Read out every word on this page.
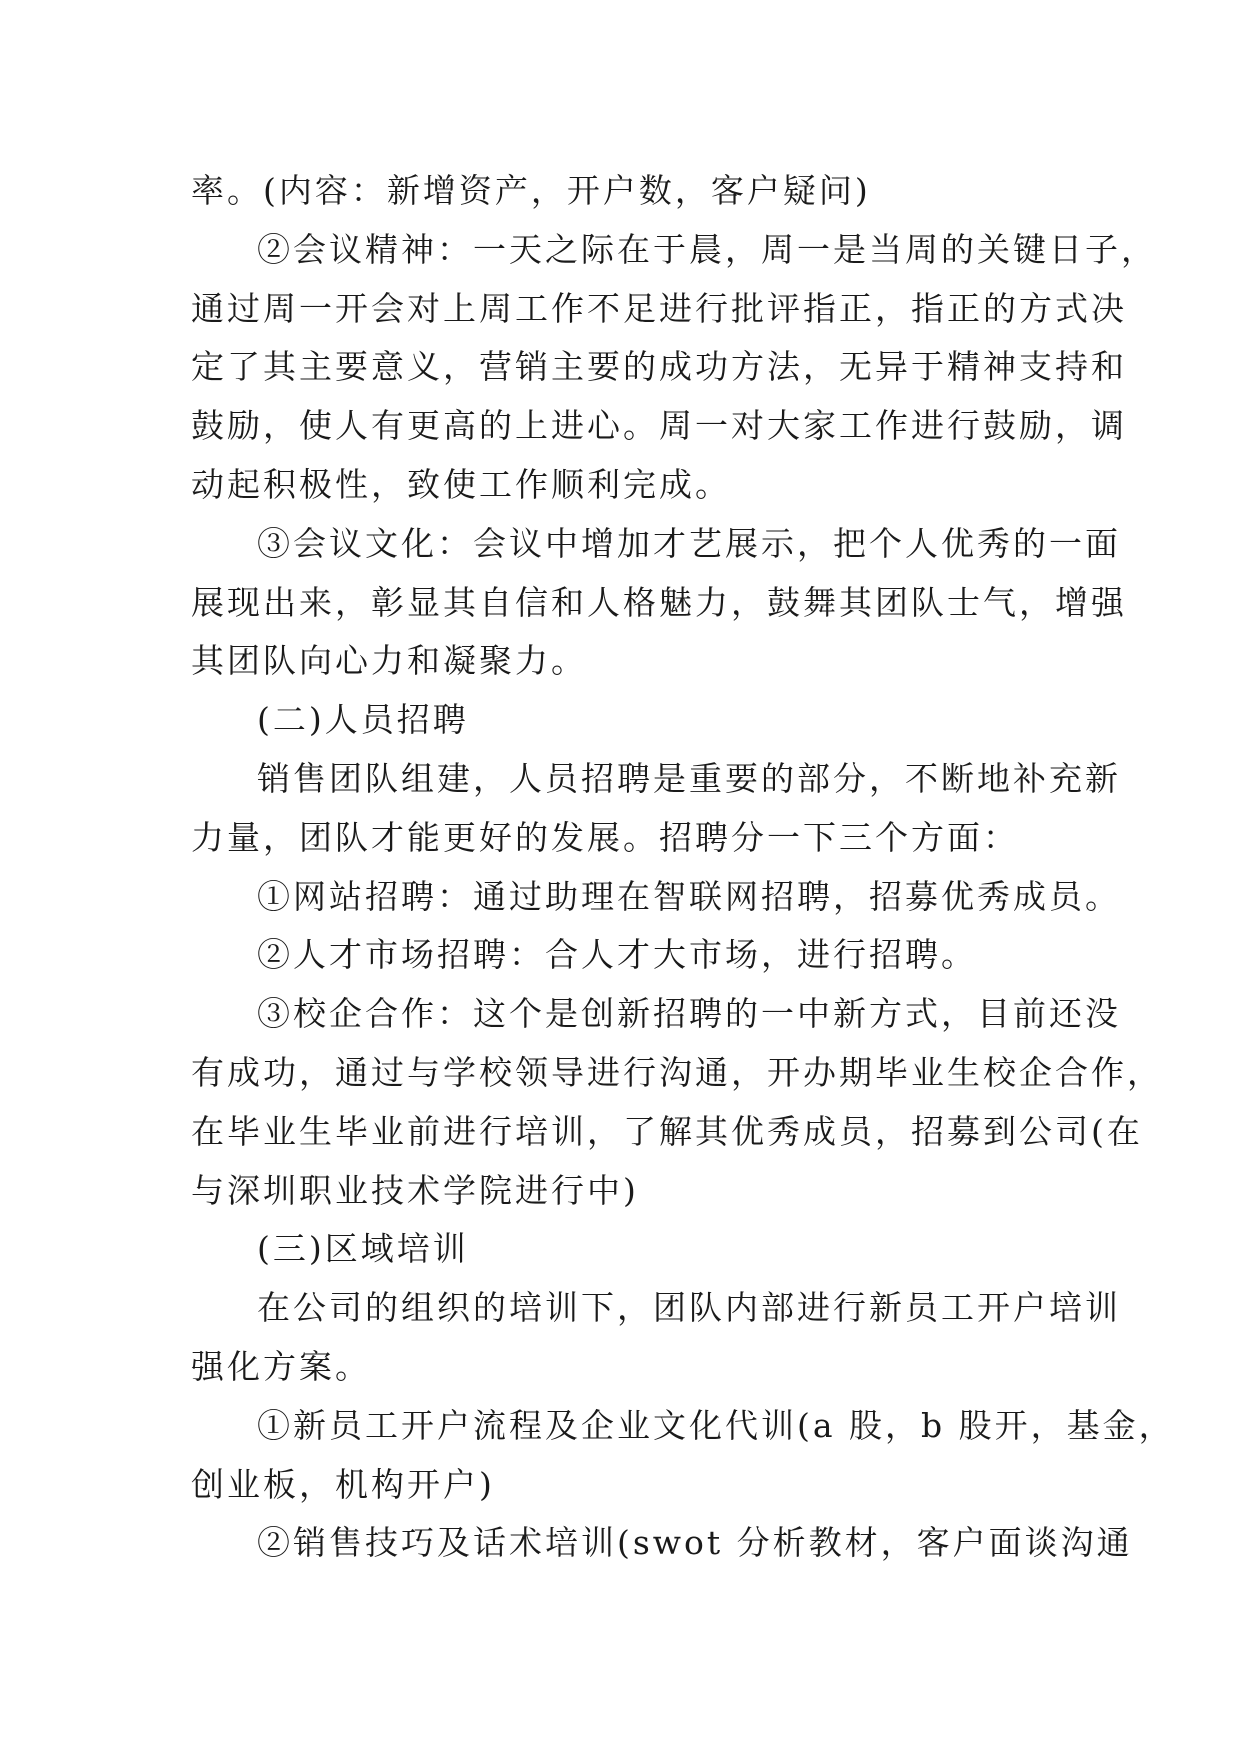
率。(内容：新增资产，开户数，客户疑问)
②会议精神：一天之际在于晨，周一是当周的关键日子，
通过周一开会对上周工作不足进行批评指正，指正的方式决
定了其主要意义，营销主要的成功方法，无异于精神支持和
鼓励，使人有更高的上进心。周一对大家工作进行鼓励，调
动起积极性，致使工作顺利完成。
③会议文化：会议中增加才艺展示，把个人优秀的一面
展现出来，彰显其自信和人格魅力，鼓舞其团队士气，增强
其团队向心力和凝聚力。
(二)人员招聘
销售团队组建，人员招聘是重要的部分，不断地补充新
力量，团队才能更好的发展。招聘分一下三个方面：
①网站招聘：通过助理在智联网招聘，招募优秀成员。
②人才市场招聘：合人才大市场，进行招聘。
③校企合作：这个是创新招聘的一中新方式，目前还没
有成功，通过与学校领导进行沟通，开办期毕业生校企合作，
在毕业生毕业前进行培训，了解其优秀成员，招募到公司(在
与深圳职业技术学院进行中)
(三)区域培训
在公司的组织的培训下，团队内部进行新员工开户培训
强化方案。
①新员工开户流程及企业文化代训(a 股，b 股开，基金，
创业板，机构开户)
②销售技巧及话术培训(swot 分析教材，客户面谈沟通
